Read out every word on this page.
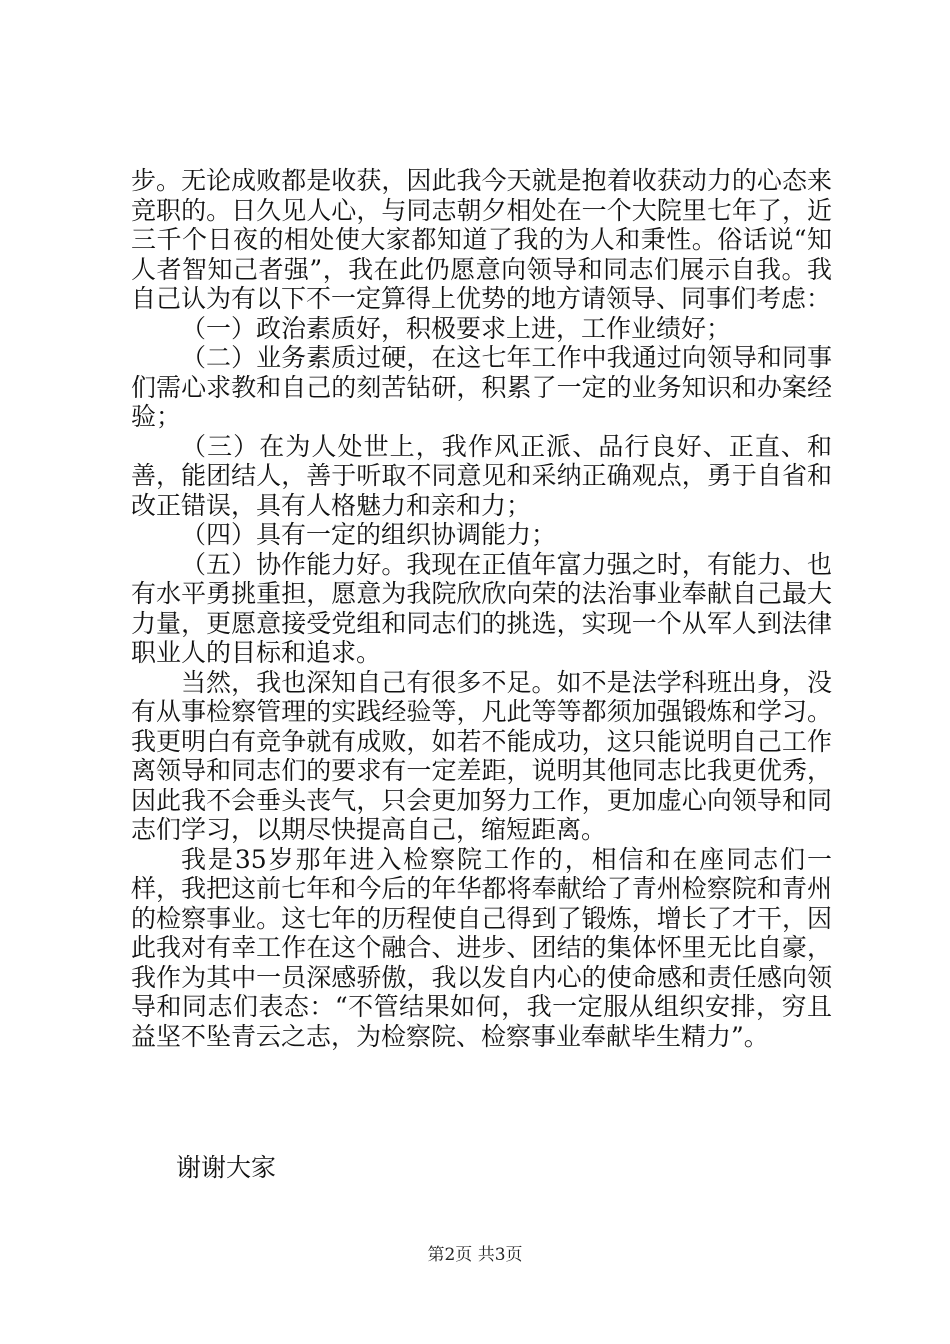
步。无论成败都是收获，因此我今天就是抱着收获动力的心态来竞职的。日久见人心，与同志朝夕相处在一个大院里七年了，近三千个日夜的相处使大家都知道了我的为人和秉性。俗话说“知人者智知己者强”，我在此仍愿意向领导和同志们展示自我。我自己认为有以下不一定算得上优势的地方请领导、同事们考虑：

（一）政治素质好，积极要求上进，工作业绩好；

（二）业务素质过硬，在这七年工作中我通过向领导和同事们需心求教和自己的刻苦钻研，积累了一定的业务知识和办案经验；

（三）在为人处世上，我作风正派、品行良好、正直、和善，能团结人，善于听取不同意见和采纳正确观点，勇于自省和改正错误，具有人格魅力和亲和力；

（四）具有一定的组织协调能力；

（五）协作能力好。我现在正值年富力强之时，有能力、也有水平勇挑重担，愿意为我院欣欣向荣的法治事业奉献自己最大力量，更愿意接受党组和同志们的挑选，实现一个从军人到法律职业人的目标和追求。

当然，我也深知自己有很多不足。如不是法学科班出身，没有从事检察管理的实践经验等，凡此等等都须加强锻炼和学习。我更明白有竞争就有成败，如若不能成功，这只能说明自己工作离领导和同志们的要求有一定差距，说明其他同志比我更优秀，因此我不会垂头丧气，只会更加努力工作，更加虚心向领导和同志们学习，以期尽快提高自己，缩短距离。

我是35岁那年进入检察院工作的，相信和在座同志们一样，我把这前七年和今后的年华都将奉献给了青州检察院和青州的检察事业。这七年的历程使自己得到了锻炼，增长了才干，因此我对有幸工作在这个融合、进步、团结的集体怀里无比自豪，我作为其中一员深感骄傲，我以发自内心的使命感和责任感向领导和同志们表态：“不管结果如何，我一定服从组织安排，穷且益坚不坠青云之志，为检察院、检察事业奉献毕生精力”。

谢谢大家
第2页 共3页
